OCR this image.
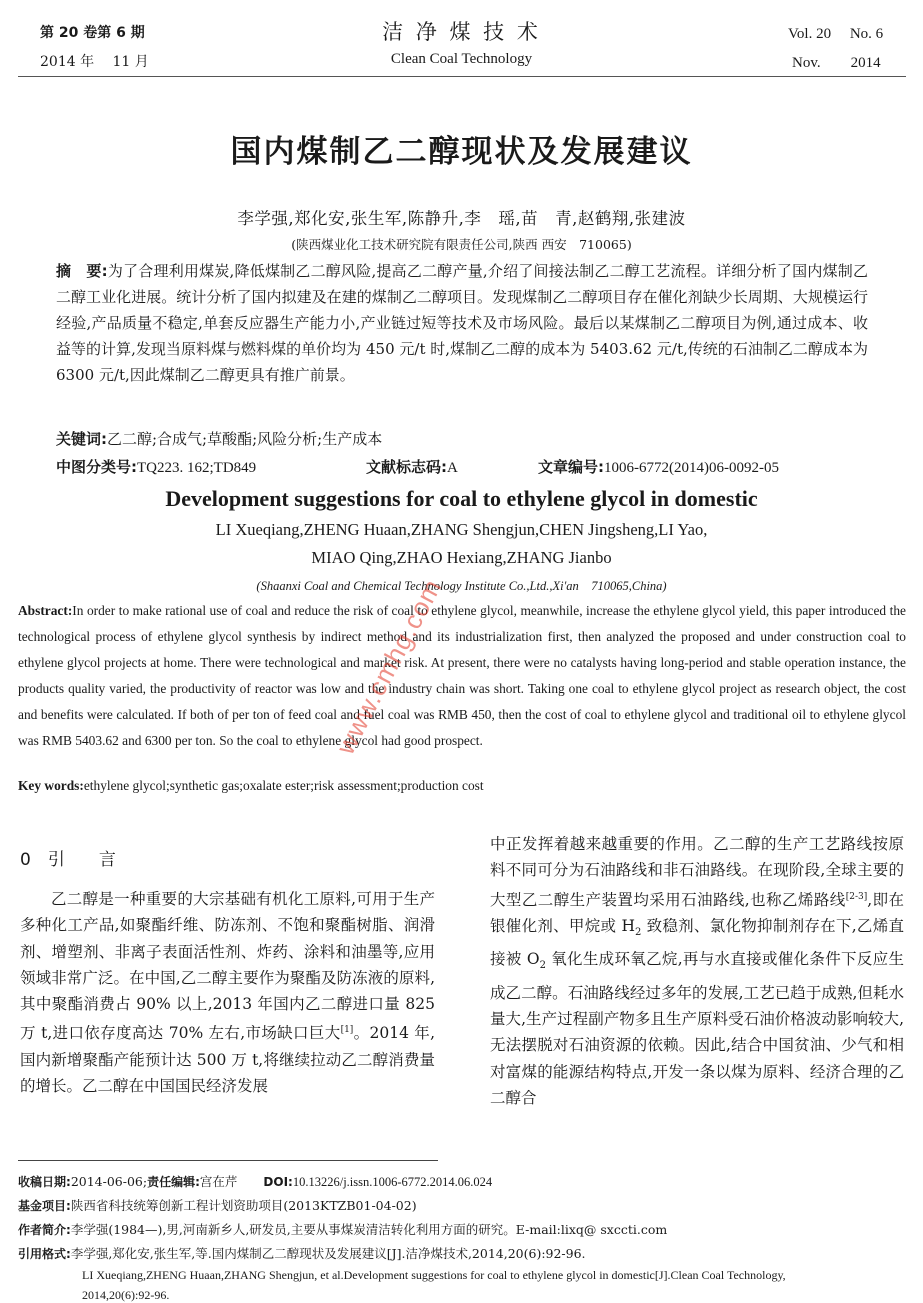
第 20 卷第 6 期
2014 年 　11 月
洁 净 煤 技 术
Clean Coal Technology
Vol. 20　 No. 6
Nov.　　2014
国内煤制乙二醇现状及发展建议
李学强,郑化安,张生军,陈静升,李　瑶,苗　青,赵鹤翔,张建波
(陕西煤业化工技术研究院有限责任公司,陕西 西安　710065)
摘　要:为了合理利用煤炭,降低煤制乙二醇风险,提高乙二醇产量,介绍了间接法制乙二醇工艺流程。详细分析了国内煤制乙二醇工业化进展。统计分析了国内拟建及在建的煤制乙二醇项目。发现煤制乙二醇项目存在催化剂缺少长周期、大规模运行经验,产品质量不稳定,单套反应器生产能力小,产业链过短等技术及市场风险。最后以某煤制乙二醇项目为例,通过成本、收益等的计算,发现当原料煤与燃料煤的单价均为 450 元/t 时,煤制乙二醇的成本为 5403.62 元/t,传统的石油制乙二醇成本为 6300 元/t,因此煤制乙二醇更具有推广前景。
关键词:乙二醇;合成气;草酸酯;风险分析;生产成本
中图分类号:TQ223. 162;TD849	文献标志码:A	文章编号:1006-6772(2014)06-0092-05
Development suggestions for coal to ethylene glycol in domestic
LI Xueqiang,ZHENG Huaan,ZHANG Shengjun,CHEN Jingsheng,LI Yao,
MIAO Qing,ZHAO Hexiang,ZHANG Jianbo
(Shaanxi Coal and Chemical Technology Institute Co.,Ltd.,Xi'an　710065,China)
Abstract:In order to make rational use of coal and reduce the risk of coal to ethylene glycol, meanwhile, increase the ethylene glycol yield, this paper introduced the technological process of ethylene glycol synthesis by indirect method and its industrialization first, then analyzed the proposed and under construction coal to ethylene glycol projects at home. There were technological and market risk. At present, there were no catalysts having long-period and stable operation instance, the products quality varied, the productivity of reactor was low and the industry chain was short. Taking one coal to ethylene glycol project as research object, the cost and benefits were calculated. If both of per ton of feed coal and fuel coal was RMB 450, then the cost of coal to ethylene glycol and traditional oil to ethylene glycol was RMB 5403.62 and 6300 per ton. So the coal to ethylene glycol had good prospect.
Key words:ethylene glycol;synthetic gas;oxalate ester;risk assessment;production cost
www.cmhg.com
0　引　　言
乙二醇是一种重要的大宗基础有机化工原料,可用于生产多种化工产品,如聚酯纤维、防冻剂、不饱和聚酯树脂、润滑剂、增塑剂、非离子表面活性剂、炸药、涂料和油墨等,应用领域非常广泛。在中国,乙二醇主要作为聚酯及防冻液的原料,其中聚酯消费占 90% 以上,2013 年国内乙二醇进口量 825 万 t,进口依存度高达 70% 左右,市场缺口巨大[1]。2014 年,国内新增聚酯产能预计达 500 万 t,将继续拉动乙二醇消费量的增长。乙二醇在中国国民经济发展
中正发挥着越来越重要的作用。乙二醇的生产工艺路线按原料不同可分为石油路线和非石油路线。在现阶段,全球主要的大型乙二醇生产装置均采用石油路线,也称乙烯路线[2-3],即在银催化剂、甲烷或 $H_2$ 致稳剂、氯化物抑制剂存在下,乙烯直接被 $O_2$ 氧化生成环氧乙烷,再与水直接或催化条件下反应生成乙二醇。石油路线经过多年的发展,工艺已趋于成熟,但耗水量大,生产过程副产物多且生产原料受石油价格波动影响较大,无法摆脱对石油资源的依赖。因此,结合中国贫油、少气和相对富煤的能源结构特点,开发一条以煤为原料、经济合理的乙二醇合
收稿日期:2014-06-06;责任编辑:宫在芹 DOI:10.13226/j.issn.1006-6772.2014.06.024
基金项目:陕西省科技统筹创新工程计划资助项目(2013KTZB01-04-02)
作者简介:李学强(1984—),男,河南新乡人,研发员,主要从事煤炭清洁转化利用方面的研究。E-mail:lixq@ sxccti.com
引用格式:李学强,郑化安,张生军,等.国内煤制乙二醇现状及发展建议[J].洁净煤技术,2014,20(6):92-96.
LI Xueqiang,ZHENG Huaan,ZHANG Shengjun, et al.Development suggestions for coal to ethylene glycol in domestic[J].Clean Coal Technology,
2014,20(6):92-96.
